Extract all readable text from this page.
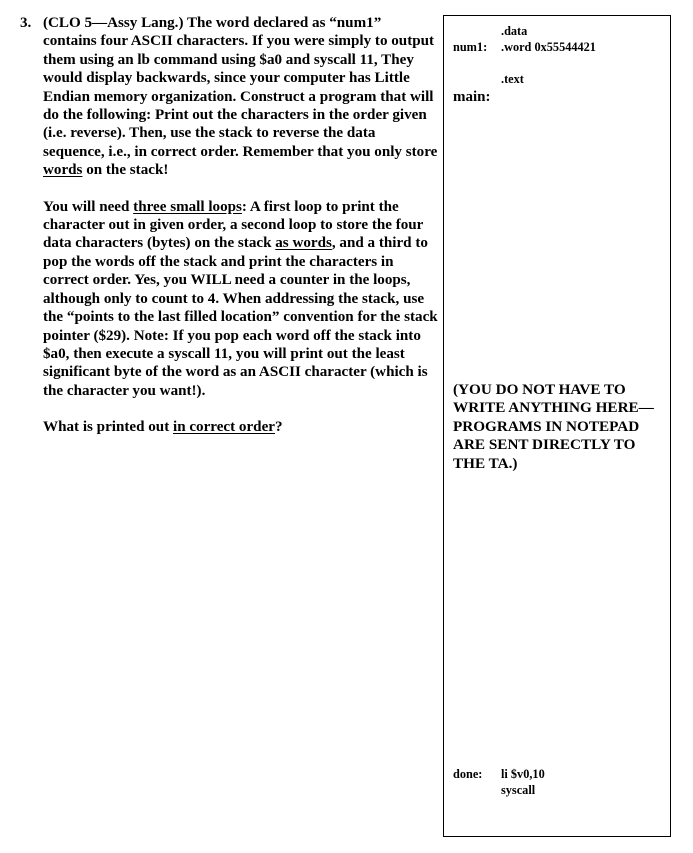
3. (CLO 5—Assy Lang.) The word declared as “num1” contains four ASCII characters. If you were simply to output them using an lb command using $a0 and syscall 11, They would display backwards, since your computer has Little Endian memory organization. Construct a program that will do the following: Print out the characters in the order given (i.e. reverse). Then, use the stack to reverse the data sequence, i.e., in correct order. Remember that you only store words on the stack!

You will need three small loops: A first loop to print the character out in given order, a second loop to store the four data characters (bytes) on the stack as words, and a third to pop the words off the stack and print the characters in correct order. Yes, you WILL need a counter in the loops, although only to count to 4. When addressing the stack, use the “points to the last filled location” convention for the stack pointer ($29). Note: If you pop each word off the stack into $a0, then execute a syscall 11, you will print out the least significant byte of the word as an ASCII character (which is the character you want!).

What is printed out in correct order?

.data
num1: .word 0x55544421
.text
main:
(YOU DO NOT HAVE TO WRITE ANYTHING HERE—PROGRAMS IN NOTEPAD ARE SENT DIRECTLY TO THE TA.)
done: li $v0,10
syscall
